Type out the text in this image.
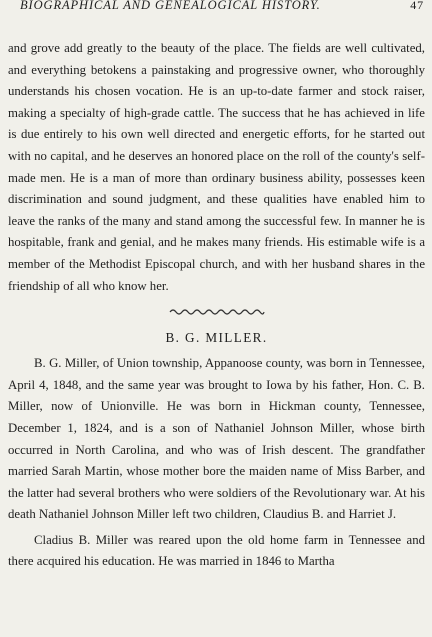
BIOGRAPHICAL AND GENEALOGICAL HISTORY.	47

and grove add greatly to the beauty of the place. The fields are well cultivated, and everything betokens a painstaking and progressive owner, who thoroughly understands his chosen vocation. He is an up-to-date farmer and stock raiser, making a specialty of high-grade cattle. The success that he has achieved in life is due entirely to his own well directed and energetic efforts, for he started out with no capital, and he deserves an honored place on the roll of the county's self-made men. He is a man of more than ordinary business ability, possesses keen discrimination and sound judgment, and these qualities have enabled him to leave the ranks of the many and stand among the successful few. In manner he is hospitable, frank and genial, and he makes many friends. His estimable wife is a member of the Methodist Episcopal church, and with her husband shares in the friendship of all who know her.

B. G. MILLER.

B. G. Miller, of Union township, Appanoose county, was born in Tennessee, April 4, 1848, and the same year was brought to Iowa by his father, Hon. C. B. Miller, now of Unionville. He was born in Hickman county, Tennessee, December 1, 1824, and is a son of Nathaniel Johnson Miller, whose birth occurred in North Carolina, and who was of Irish descent. The grandfather married Sarah Martin, whose mother bore the maiden name of Miss Barber, and the latter had several brothers who were soldiers of the Revolutionary war. At his death Nathaniel Johnson Miller left two children, Claudius B. and Harriet J.

Cladius B. Miller was reared upon the old home farm in Tennessee and there acquired his education. He was married in 1846 to Martha
